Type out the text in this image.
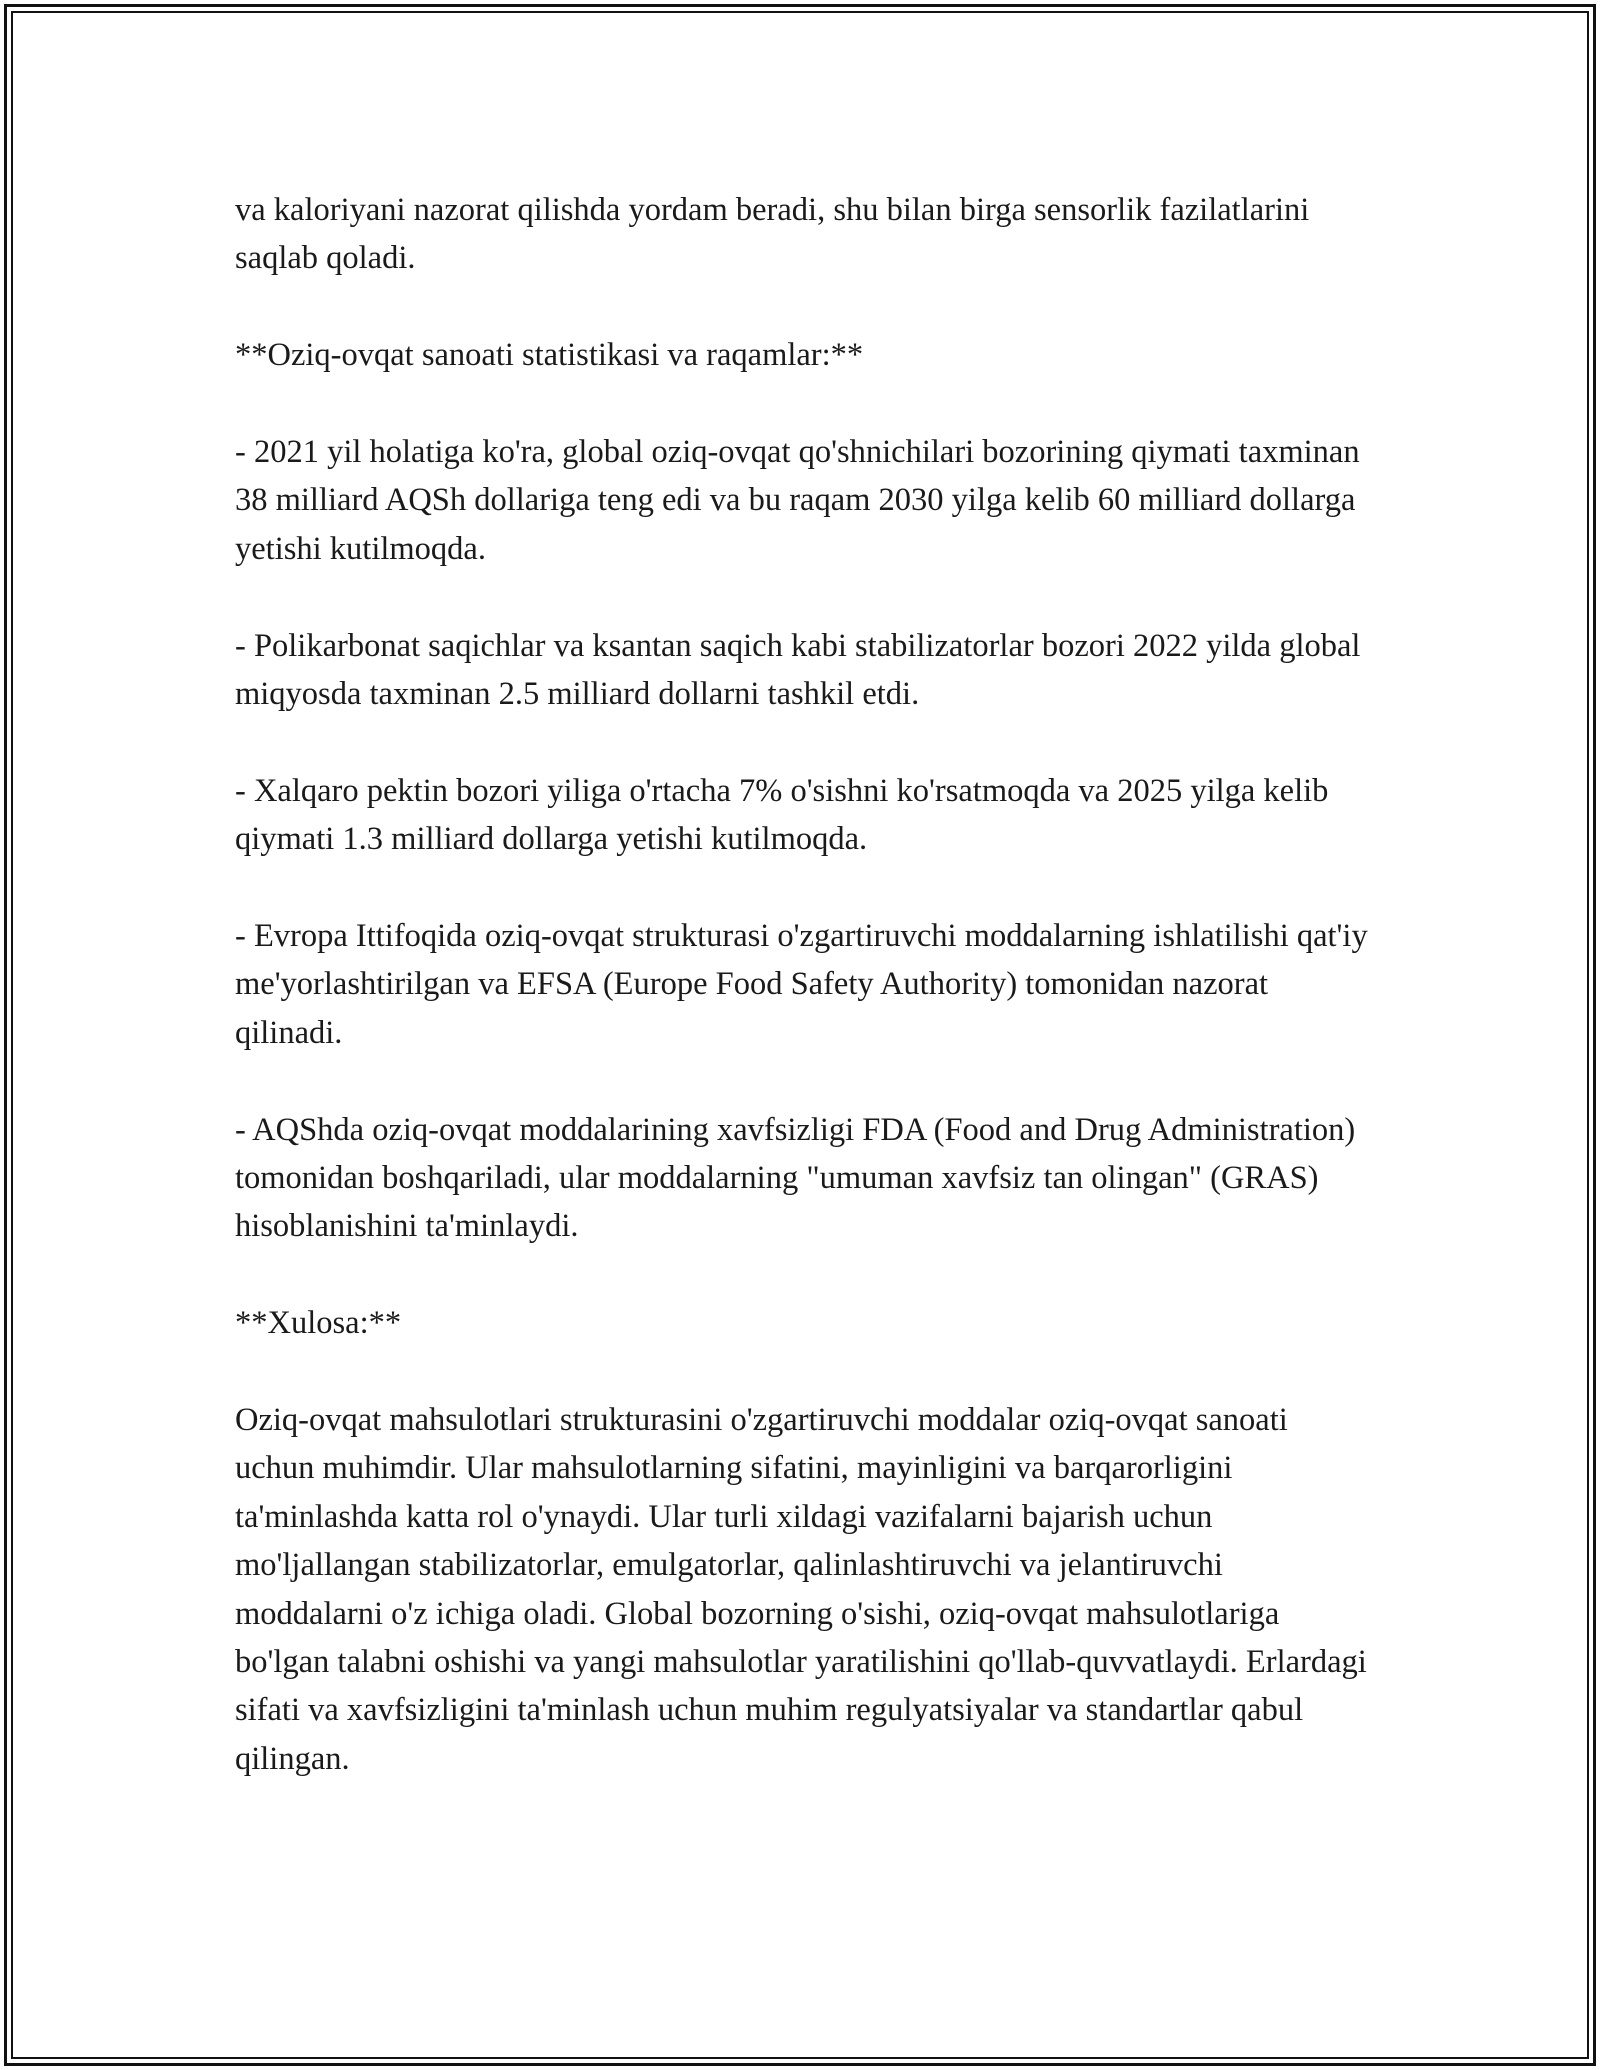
va kaloriyani nazorat qilishda yordam beradi, shu bilan birga sensorlik fazilatlarini saqlab qoladi.

**Oziq-ovqat sanoati statistikasi va raqamlar:**

- 2021 yil holatiga ko'ra, global oziq-ovqat qo'shnichilari bozorining qiymati taxminan 38 milliard AQSh dollariga teng edi va bu raqam 2030 yilga kelib 60 milliard dollarga yetishi kutilmoqda.

- Polikarbonat saqichlar va ksantan saqich kabi stabilizatorlar bozori 2022 yilda global miqyosda taxminan 2.5 milliard dollarni tashkil etdi.

- Xalqaro pektin bozori yiliga o'rtacha 7% o'sishni ko'rsatmoqda va 2025 yilga kelib qiymati 1.3 milliard dollarga yetishi kutilmoqda.

- Evropa Ittifoqida oziq-ovqat strukturasi o'zgartiruvchi moddalarning ishlatilishi qat'iy me'yorlashtirilgan va EFSA (Europe Food Safety Authority) tomonidan nazorat qilinadi.

- AQShda oziq-ovqat moddalarining xavfsizligi FDA (Food and Drug Administration) tomonidan boshqariladi, ular moddalarning "umuman xavfsiz tan olingan" (GRAS) hisoblanishini ta'minlaydi.

**Xulosa:**

Oziq-ovqat mahsulotlari strukturasini o'zgartiruvchi moddalar oziq-ovqat sanoati uchun muhimdir. Ular mahsulotlarning sifatini, mayinligini va barqarorligini ta'minlashda katta rol o'ynaydi. Ular turli xildagi vazifalarni bajarish uchun mo'ljallangan stabilizatorlar, emulgatorlar, qalinlashtiruvchi va jelantiruvchi moddalarni o'z ichiga oladi. Global bozorning o'sishi, oziq-ovqat mahsulotlariga bo'lgan talabni oshishi va yangi mahsulotlar yaratilishini qo'llab-quvvatlaydi. Erlardagi sifati va xavfsizligini ta'minlash uchun muhim regulyatsiyalar va standartlar qabul qilingan.
